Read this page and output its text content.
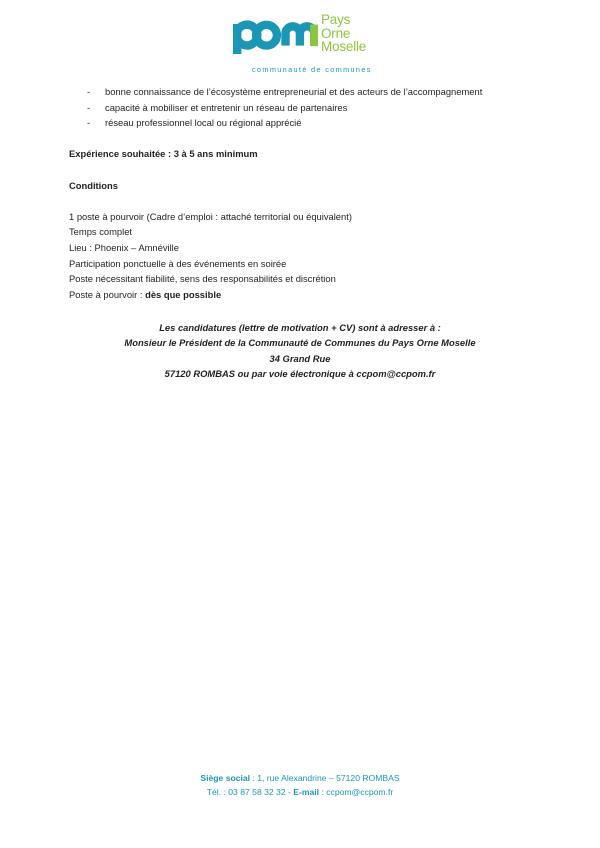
Pays
Orne
Moselle
communauté de communes
- bonne connaissance de l’écosystème entrepreneurial et des acteurs de l’accompagnement
- capacité à mobiliser et entretenir un réseau de partenaires
- réseau professionnel local ou régional apprécié

Expérience souhaitée : 3 à 5 ans minimum

Conditions

1 poste à pourvoir (Cadre d’emploi : attaché territorial ou équivalent)
Temps complet
Lieu : Phoenix – Amnéville
Participation ponctuelle à des événements en soirée
Poste nécessitant fiabilité, sens des responsabilités et discrétion
Poste à pourvoir : dès que possible
Les candidatures (lettre de motivation + CV) sont à adresser à :
Monsieur le Président de la Communauté de Communes du Pays Orne Moselle
34 Grand Rue
57120 ROMBAS ou par voie électronique à ccpom@ccpom.fr
Siège social : 1, rue Alexandrine – 57120 ROMBAS
Tél. : 03 87 58 32 32 - E-mail : ccpom@ccpom.fr
